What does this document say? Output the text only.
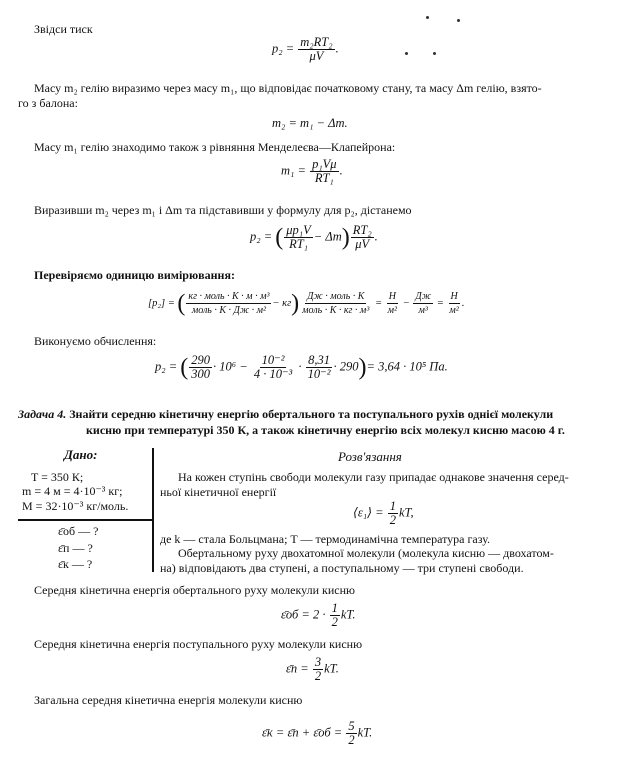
Звідси тиск
$p_2 = \frac{\text{m₂RT₂}}{\mu V}$ .
Масу m₂ гелію виразимо через масу m₁, що відповідає початковому стану, та масу Δm гелію, взято-
го з балона:
m₂ = m₁ − Δm.
Масу m₁ гелію знаходимо також з рівняння Менделеєва—Клапейрона:
$m_1 = \frac{\text{p₁Vμ}}{\text{RT₁}}$ .
Виразивши m₂ через m₁ і Δm та підставивши у формулу для p₂, дістанемо
p₂ = ( $\frac{\text{μp₁V}}{\text{RT₁}} - \Delta m) \frac{\text{RT₂}}{\mu V}$ .
Перевіряємо одиницю вимірювання:
[p₂] = ( $\frac{\text{кг · моль · К · м · м³}}{\text{моль · К · Дж · м²}} - кг) \frac{\text{Дж · моль · К}}{\text{моль · К · кг · м³}} = \frac{Н}{\text{м²}} - \frac{Дж}{\text{м³}} = \frac{Н}{\text{м²}}$ .
Виконуємо обчислення:
p₂ = ( $\frac{290}{300} \cdot 10^6 - \frac{\text{10⁻²}}{\text{4 · 10⁻³}} \cdot \frac{8,31}{\text{10⁻²}} \cdot 290)= 3,64 \cdot 10^5$ Па.
Задача 4. Знайти середню кінетичну енергію обертального та поступального рухів однієї молекули
кисню при температурі 350 К, а також кінетичну енергію всіх молекул кисню масою 4 г.
Дано:
T = 350 К;
m = 4 м = 4·10⁻³ кг;
M = 32·10⁻³ кг/моль.
ε̄об — ?
ε̄п — ?
ε̄к — ?
Розв'язання
На кожен ступінь свободи молекули газу припадає однакове значення серед-
ньої кінетичної енергії
⟨ε₁⟩ = $\frac{1}{2}$ kT,
де k — стала Больцмана; T — термодинамічна температура газу.
Обертальному руху двохатомної молекули (молекула кисню — двохатом-
на) відповідають два ступені, а поступальному — три ступені свободи.
Середня кінетична енергія обертального руху молекули кисню
ε̄об = $2 \cdot \frac{1}{2}$ kT.
Середня кінетична енергія поступального руху молекули кисню
ε̄п = $\frac{3}{2}$ kT.
Загальна середня кінетична енергія молекули кисню
ε̄к = ε̄п + ε̄об = $\frac{5}{2}$ kT.
